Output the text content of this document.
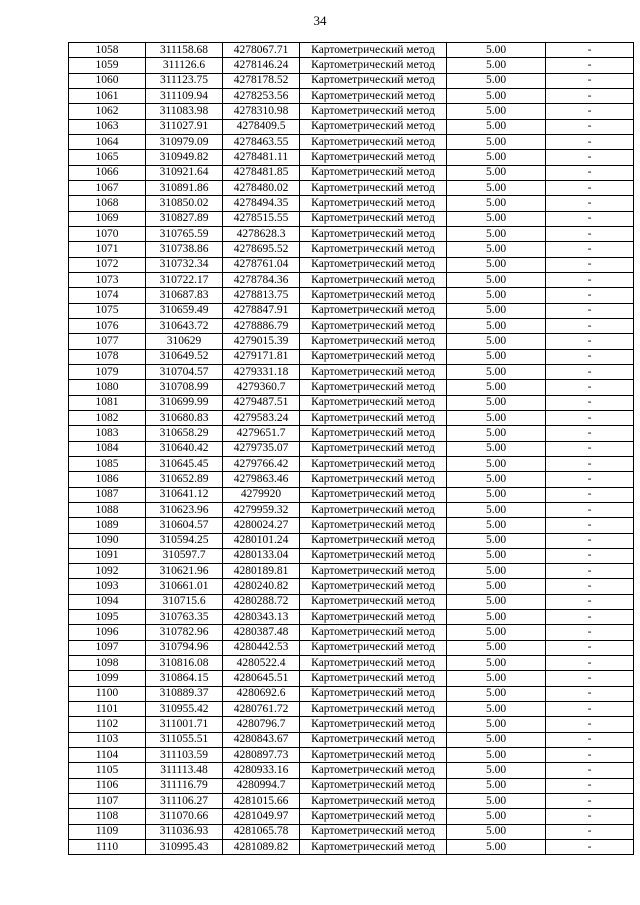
34
1058	311158.68	4278067.71	Картометрический метод	5.00	-
1059	311126.6	4278146.24	Картометрический метод	5.00	-
1060	311123.75	4278178.52	Картометрический метод	5.00	-
1061	311109.94	4278253.56	Картометрический метод	5.00	-
1062	311083.98	4278310.98	Картометрический метод	5.00	-
1063	311027.91	4278409.5	Картометрический метод	5.00	-
1064	310979.09	4278463.55	Картометрический метод	5.00	-
1065	310949.82	4278481.11	Картометрический метод	5.00	-
1066	310921.64	4278481.85	Картометрический метод	5.00	-
1067	310891.86	4278480.02	Картометрический метод	5.00	-
1068	310850.02	4278494.35	Картометрический метод	5.00	-
1069	310827.89	4278515.55	Картометрический метод	5.00	-
1070	310765.59	4278628.3	Картометрический метод	5.00	-
1071	310738.86	4278695.52	Картометрический метод	5.00	-
1072	310732.34	4278761.04	Картометрический метод	5.00	-
1073	310722.17	4278784.36	Картометрический метод	5.00	-
1074	310687.83	4278813.75	Картометрический метод	5.00	-
1075	310659.49	4278847.91	Картометрический метод	5.00	-
1076	310643.72	4278886.79	Картометрический метод	5.00	-
1077	310629	4279015.39	Картометрический метод	5.00	-
1078	310649.52	4279171.81	Картометрический метод	5.00	-
1079	310704.57	4279331.18	Картометрический метод	5.00	-
1080	310708.99	4279360.7	Картометрический метод	5.00	-
1081	310699.99	4279487.51	Картометрический метод	5.00	-
1082	310680.83	4279583.24	Картометрический метод	5.00	-
1083	310658.29	4279651.7	Картометрический метод	5.00	-
1084	310640.42	4279735.07	Картометрический метод	5.00	-
1085	310645.45	4279766.42	Картометрический метод	5.00	-
1086	310652.89	4279863.46	Картометрический метод	5.00	-
1087	310641.12	4279920	Картометрический метод	5.00	-
1088	310623.96	4279959.32	Картометрический метод	5.00	-
1089	310604.57	4280024.27	Картометрический метод	5.00	-
1090	310594.25	4280101.24	Картометрический метод	5.00	-
1091	310597.7	4280133.04	Картометрический метод	5.00	-
1092	310621.96	4280189.81	Картометрический метод	5.00	-
1093	310661.01	4280240.82	Картометрический метод	5.00	-
1094	310715.6	4280288.72	Картометрический метод	5.00	-
1095	310763.35	4280343.13	Картометрический метод	5.00	-
1096	310782.96	4280387.48	Картометрический метод	5.00	-
1097	310794.96	4280442.53	Картометрический метод	5.00	-
1098	310816.08	4280522.4	Картометрический метод	5.00	-
1099	310864.15	4280645.51	Картометрический метод	5.00	-
1100	310889.37	4280692.6	Картометрический метод	5.00	-
1101	310955.42	4280761.72	Картометрический метод	5.00	-
1102	311001.71	4280796.7	Картометрический метод	5.00	-
1103	311055.51	4280843.67	Картометрический метод	5.00	-
1104	311103.59	4280897.73	Картометрический метод	5.00	-
1105	311113.48	4280933.16	Картометрический метод	5.00	-
1106	311116.79	4280994.7	Картометрический метод	5.00	-
1107	311106.27	4281015.66	Картометрический метод	5.00	-
1108	311070.66	4281049.97	Картометрический метод	5.00	-
1109	311036.93	4281065.78	Картометрический метод	5.00	-
1110	310995.43	4281089.82	Картометрический метод	5.00	-
